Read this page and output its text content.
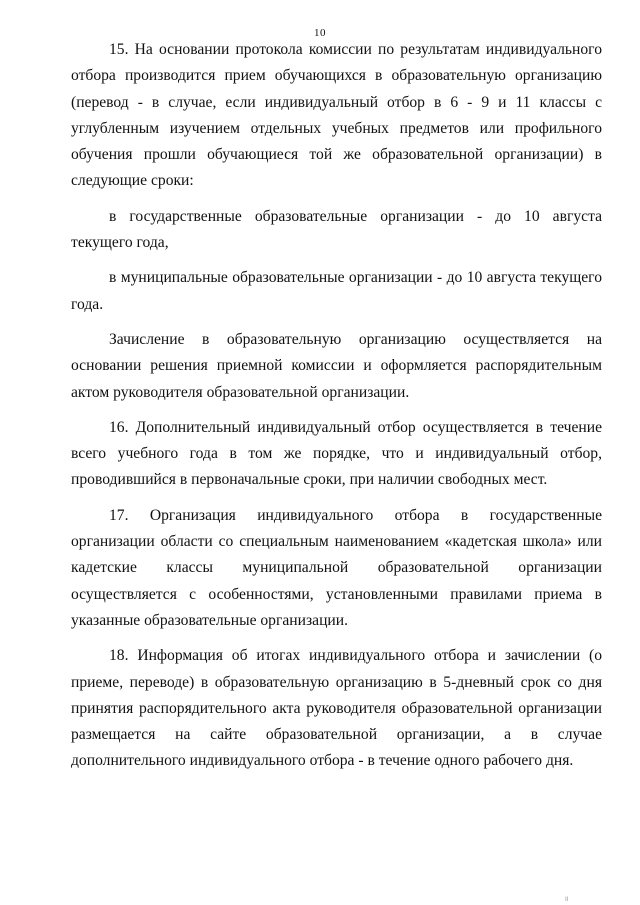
10

15. На основании протокола комиссии по результатам индивидуального отбора производится прием обучающихся в образовательную организацию (перевод - в случае, если индивидуальный отбор в 6 - 9 и 11 классы с углубленным изучением отдельных учебных предметов или профильного обучения прошли обучающиеся той же образовательной организации) в следующие сроки:

в государственные образовательные организации - до 10 августа текущего года,

в муниципальные образовательные организации - до 10 августа текущего года.

Зачисление в образовательную организацию осуществляется на основании решения приемной комиссии и оформляется распорядительным актом руководителя образовательной организации.

16. Дополнительный индивидуальный отбор осуществляется в течение всего учебного года в том же порядке, что и индивидуальный отбор, проводившийся в первоначальные сроки, при наличии свободных мест.

17. Организация индивидуального отбора в государственные организации области со специальным наименованием «кадетская школа» или кадетские классы муниципальной образовательной организации осуществляется с особенностями, установленными правилами приема в указанные образовательные организации.

18. Информация об итогах индивидуального отбора и зачислении (о приеме, переводе) в образовательную организацию в 5-дневный срок со дня принятия распорядительного акта руководителя образовательной организации размещается на сайте образовательной организации, а в случае дополнительного индивидуального отбора - в течение одного рабочего дня.

II
